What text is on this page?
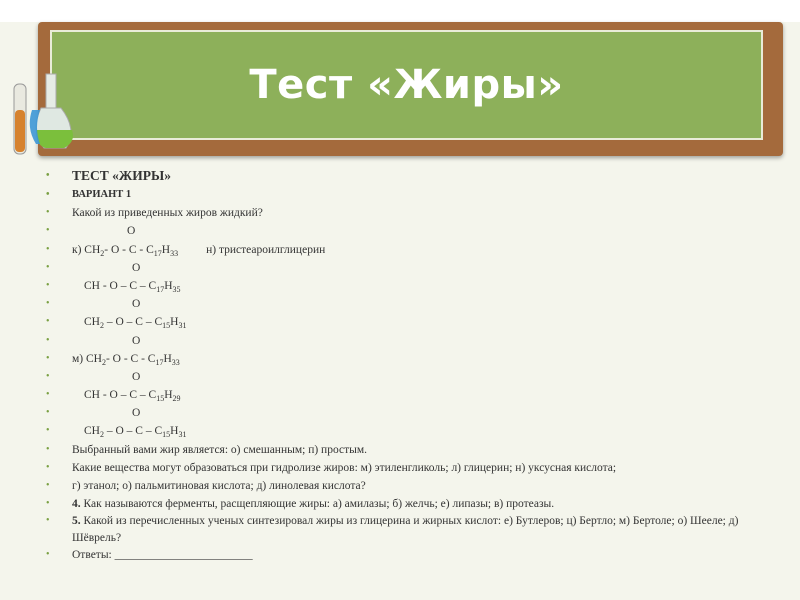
Тест «Жиры»
• ТЕСТ «ЖИРЫ»
• ВАРИАНТ 1
• Какой из приведенных жиров жидкий?
•	О
• к) $CH_2-$ O - C - $C_{17}H_{33}$ н) тристеароилглицерин
•	О
•	CH - O – C – $C_{17}H_{35}$
•	О
•	$CH_2$ – O – C – $C_{15}H_{31}$
•	О
• м) $CH_2-$ O - C - $C_{17}H_{33}$
•	О
•	CH - O – C – $C_{15}H_{29}$
•	О
•	$CH_2$ – O – C – $C_{15}H_{31}$
• Выбранный вами жир является: о) смешанным; п) простым.
• Какие вещества могут образоваться при гидролизе жиров: м) этиленгликоль; л) глицерин; н) уксусная кислота;
• г) этанол; о) пальмитиновая кислота; д) линолевая кислота?
• 4. Как называются ферменты, расщепляющие жиры: а) амилазы; б) желчь; е) липазы; в) протеазы.
• 5. Какой из перечисленных ученых синтезировал жиры из глицерина и жирных кислот: е) Бутлеров; ц) Бертло; м) Бертоле; о) Шееле; д) Шёврель?
• Ответы: ________________________
